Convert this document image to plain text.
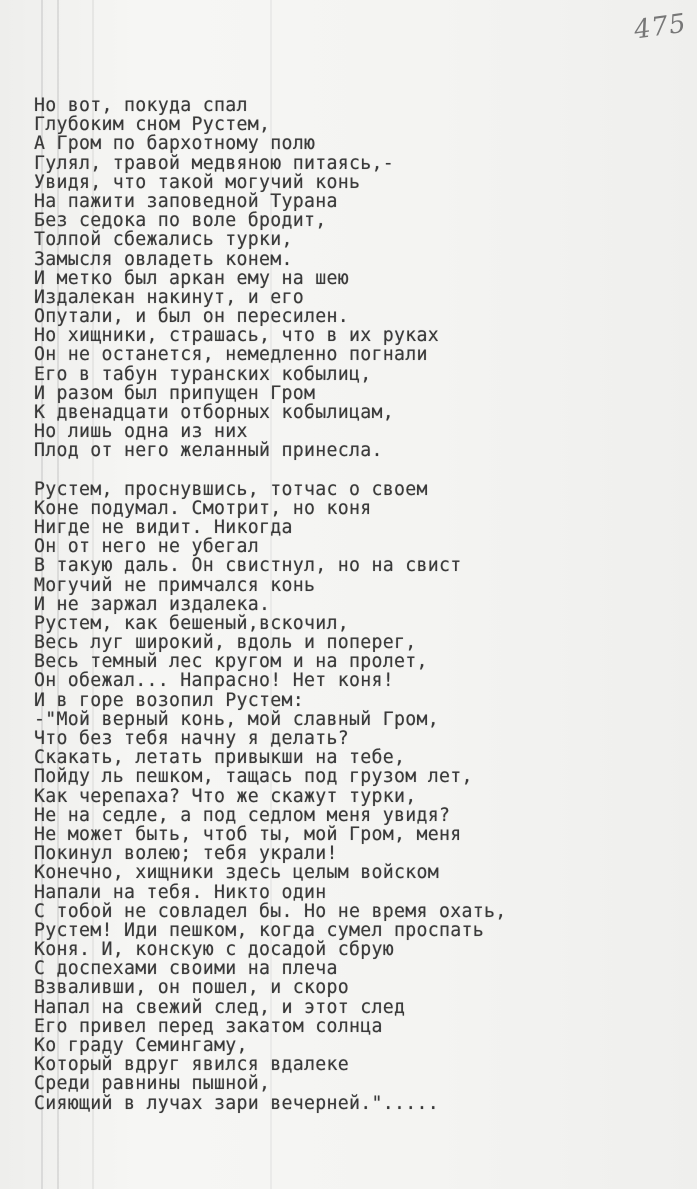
475
Но вот, покуда спал
Глубоким сном Рустем,
А Гром по бархотному полю
Гулял, травой медвяною питаясь,-
Увидя, что такой могучий конь
На пажити заповедной Турана
Без седока по воле бродит,
Толпой сбежались турки,
Замысля овладеть конем.
И метко был аркан ему на шею
Издалекан накинут, и его
Опутали, и был он пересилен.
Но хищники, страшась, что в их руках
Он не останется, немедленно погнали
Его в табун туранских кобылиц,
И разом был припущен Гром
К двенадцати отборных кобылицам,
Но лишь одна из них
Плод от него желанный принесла.
Рустем, проснувшись, тотчас о своем
Коне подумал. Смотрит, но коня
Нигде не видит. Никогда
Он от него не убегал
В такую даль. Он свистнул, но на свист
Могучий не примчался конь
И не заржал издалека.
Рустем, как бешеный,вскочил,
Весь луг широкий, вдоль и поперег,
Весь темный лес кругом и на пролет,
Он обежал... Напрасно! Нет коня!
И в горе возопил Рустем:
-"Мой верный конь, мой славный Гром,
Что без тебя начну я делать?
Скакать, летать привыкши на тебе,
Пойду ль пешком, тащась под грузом лет,
Как черепаха? Что же скажут турки,
Не на седле, а под седлом меня увидя?
Не может быть, чтоб ты, мой Гром, меня
Покинул волею; тебя украли!
Конечно, хищники здесь целым войском
Напали на тебя. Никто один
С тобой не совладел бы. Но не время охать,
Рустем! Иди пешком, когда сумел проспать
Коня. И, конскую с досадой сбрую
С доспехами своими на плеча
Взваливши, он пошел, и скоро
Напал на свежий след, и этот след
Его привел перед закатом солнца
Ко граду Семингаму,
Который вдруг явился вдалеке
Среди равнины пышной,
Сияющий в лучах зари вечерней.".....
